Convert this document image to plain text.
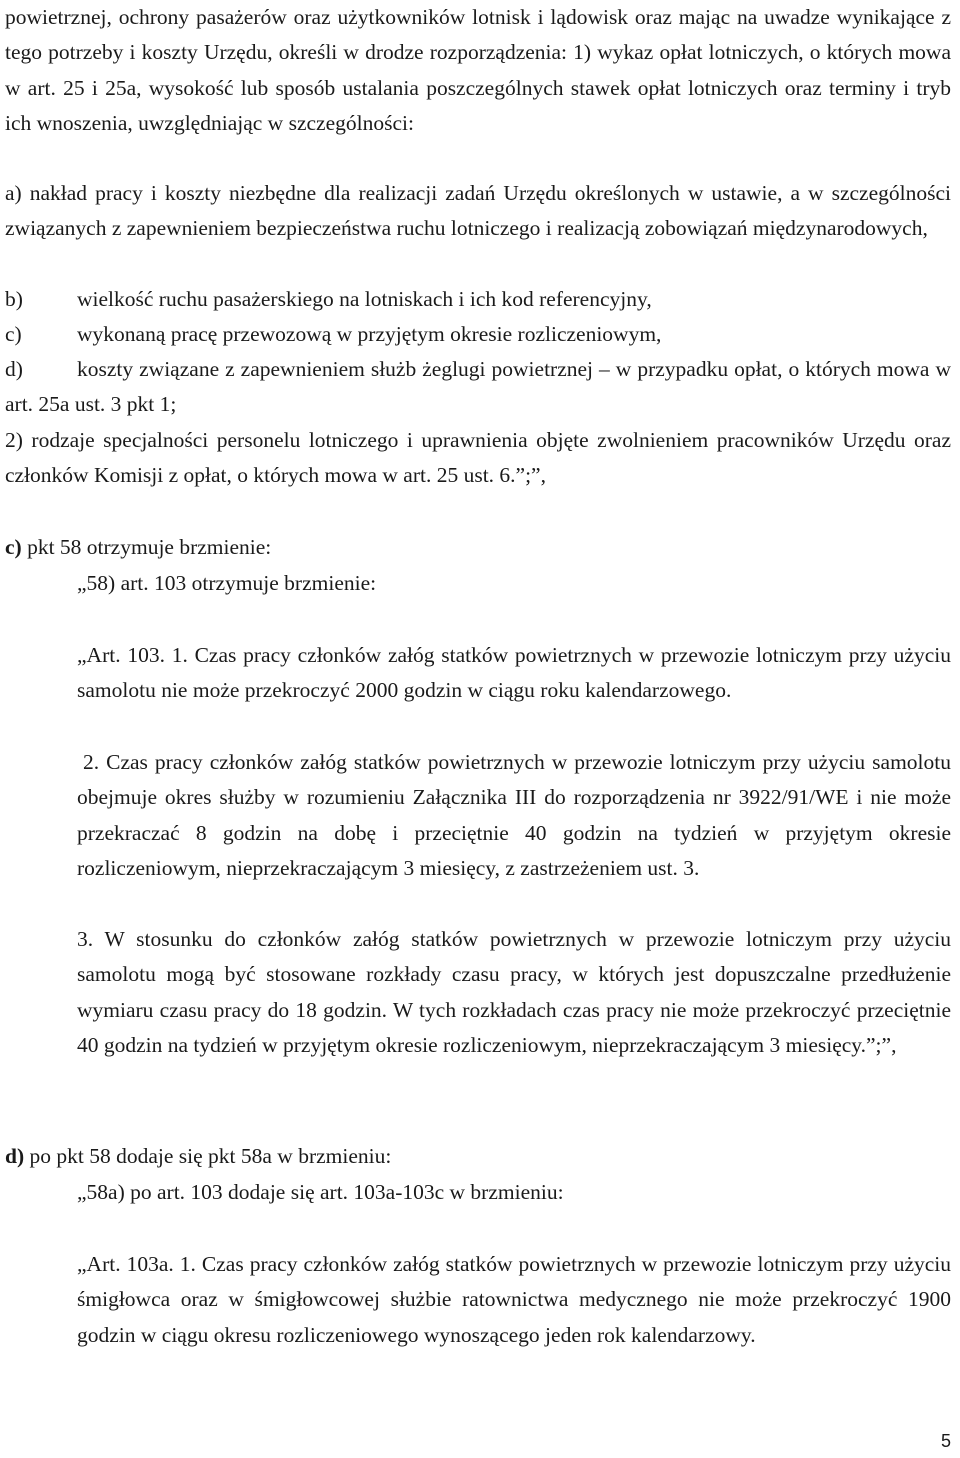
powietrznej, ochrony pasażerów oraz użytkowników lotnisk i lądowisk oraz mając na uwadze wynikające z tego potrzeby i koszty Urzędu, określi w drodze rozporządzenia: 1) wykaz opłat lotniczych, o których mowa w art. 25 i 25a, wysokość lub sposób ustalania poszczególnych stawek opłat lotniczych oraz terminy i tryb ich wnoszenia, uwzględniając w szczególności:
a) nakład pracy i koszty niezbędne dla realizacji zadań Urzędu określonych w ustawie, a w szczególności związanych z zapewnieniem bezpieczeństwa ruchu lotniczego i realizacją zobowiązań międzynarodowych,
b)	wielkość ruchu pasażerskiego na lotniskach i ich kod referencyjny,
c)	wykonaną pracę przewozową w przyjętym okresie rozliczeniowym,
d)	koszty związane z zapewnieniem służb żeglugi powietrznej – w przypadku opłat, o których mowa w art. 25a ust. 3 pkt 1;
2) rodzaje specjalności personelu lotniczego i uprawnienia objęte zwolnieniem pracowników Urzędu oraz członków Komisji z opłat, o których mowa w art. 25 ust. 6.”;”,
c) pkt 58 otrzymuje brzmienie:
„58) art. 103 otrzymuje brzmienie:
„Art. 103. 1. Czas pracy członków załóg statków powietrznych w przewozie lotniczym przy użyciu samolotu nie może przekroczyć 2000 godzin w ciągu roku kalendarzowego.
2. Czas pracy członków załóg statków powietrznych w przewozie lotniczym przy użyciu samolotu obejmuje okres służby w rozumieniu Załącznika III do rozporządzenia nr 3922/91/WE i nie może przekraczać 8 godzin na dobę i przeciętnie 40 godzin na tydzień w przyjętym okresie rozliczeniowym, nieprzekraczającym 3 miesięcy, z zastrzeżeniem ust. 3.
3. W stosunku do członków załóg statków powietrznych w przewozie lotniczym przy użyciu samolotu mogą być stosowane rozkłady czasu pracy, w których jest dopuszczalne przedłużenie wymiaru czasu pracy do 18 godzin. W tych rozkładach czas pracy nie może przekroczyć przeciętnie 40 godzin na tydzień w przyjętym okresie rozliczeniowym, nieprzekraczającym 3 miesięcy.”;”,
d) po pkt 58 dodaje się pkt 58a w brzmieniu:
„58a) po art. 103 dodaje się art. 103a-103c w brzmieniu:
„Art. 103a. 1. Czas pracy członków załóg statków powietrznych w przewozie lotniczym przy użyciu śmigłowca oraz w śmigłowcowej służbie ratownictwa medycznego nie może przekroczyć 1900 godzin w ciągu okresu rozliczeniowego wynoszącego jeden rok kalendarzowy.
5
